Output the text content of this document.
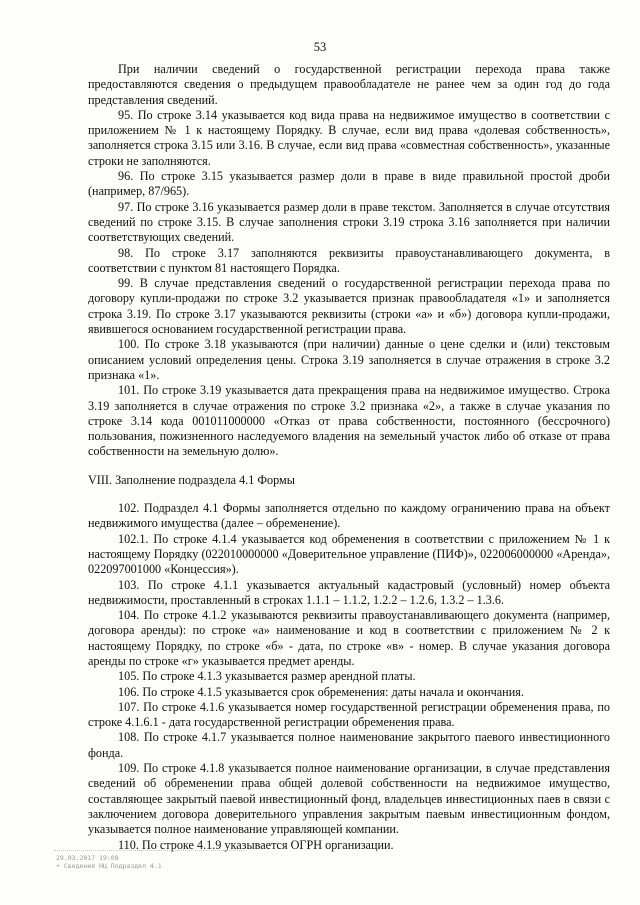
53

При наличии сведений о государственной регистрации перехода права также предоставляются сведения о предыдущем правообладателе не ранее чем за один год до года представления сведений.

95. По строке 3.14 указывается код вида права на недвижимое имущество в соответствии с приложением № 1 к настоящему Порядку. В случае, если вид права «долевая собственность», заполняется строка 3.15 или 3.16. В случае, если вид права «совместная собственность», указанные строки не заполняются.

96. По строке 3.15 указывается размер доли в праве в виде правильной простой дроби (например, 87/965).

97. По строке 3.16 указывается размер доли в праве текстом. Заполняется в случае отсутствия сведений по строке 3.15. В случае заполнения строки 3.19 строка 3.16 заполняется при наличии соответствующих сведений.

98. По строке 3.17 заполняются реквизиты правоустанавливающего документа, в соответствии с пунктом 81 настоящего Порядка.

99. В случае представления сведений о государственной регистрации перехода права по договору купли-продажи по строке 3.2 указывается признак правообладателя «1» и заполняется строка 3.19. По строке 3.17 указываются реквизиты (строки «а» и «б») договора купли-продажи, явившегося основанием государственной регистрации права.

100. По строке 3.18 указываются (при наличии) данные о цене сделки и (или) текстовым описанием условий определения цены. Строка 3.19 заполняется в случае отражения в строке 3.2 признака «1».

101. По строке 3.19 указывается дата прекращения права на недвижимое имущество. Строка 3.19 заполняется в случае отражения по строке 3.2 признака «2», а также в случае указания по строке 3.14 кода 001011000000 «Отказ от права собственности, постоянного (бессрочного) пользования, пожизненного наследуемого владения на земельный участок либо об отказе от права собственности на земельную долю».

VIII. Заполнение подраздела 4.1 Формы

102. Подраздел 4.1 Формы заполняется отдельно по каждому ограничению права на объект недвижимого имущества (далее – обременение).

102.1. По строке 4.1.4 указывается код обременения в соответствии с приложением № 1 к настоящему Порядку (022010000000 «Доверительное управление (ПИФ)», 022006000000 «Аренда», 022097001000 «Концессия»).

103. По строке 4.1.1 указывается актуальный кадастровый (условный) номер объекта недвижимости, проставленный в строках 1.1.1 – 1.1.2, 1.2.2 – 1.2.6, 1.3.2 – 1.3.6.

104. По строке 4.1.2 указываются реквизиты правоустанавливающего документа (например, договора аренды): по строке «а» наименование и код в соответствии с приложением № 2 к настоящему Порядку, по строке «б» - дата, по строке «в» - номер. В случае указания договора аренды по строке «г» указывается предмет аренды.

105. По строке 4.1.3 указывается размер арендной платы.

106. По строке 4.1.5 указывается срок обременения: даты начала и окончания.

107. По строке 4.1.6 указывается номер государственной регистрации обременения права, по строке 4.1.6.1 - дата государственной регистрации обременения права.

108. По строке 4.1.7 указывается полное наименование закрытого паевого инвестиционного фонда.

109. По строке 4.1.8 указывается полное наименование организации, в случае представления сведений об обременении права общей долевой собственности на недвижимое имущество, составляющее закрытый паевой инвестиционный фонд, владельцев инвестиционных паев в связи с заключением договора доверительного управления закрытым паевым инвестиционным фондом, указывается полное наименование управляющей компании.

110. По строке 4.1.9 указывается ОГРН организации.

29.03.2017 19:08
• Сведения НЦ Подраздел 4.1
